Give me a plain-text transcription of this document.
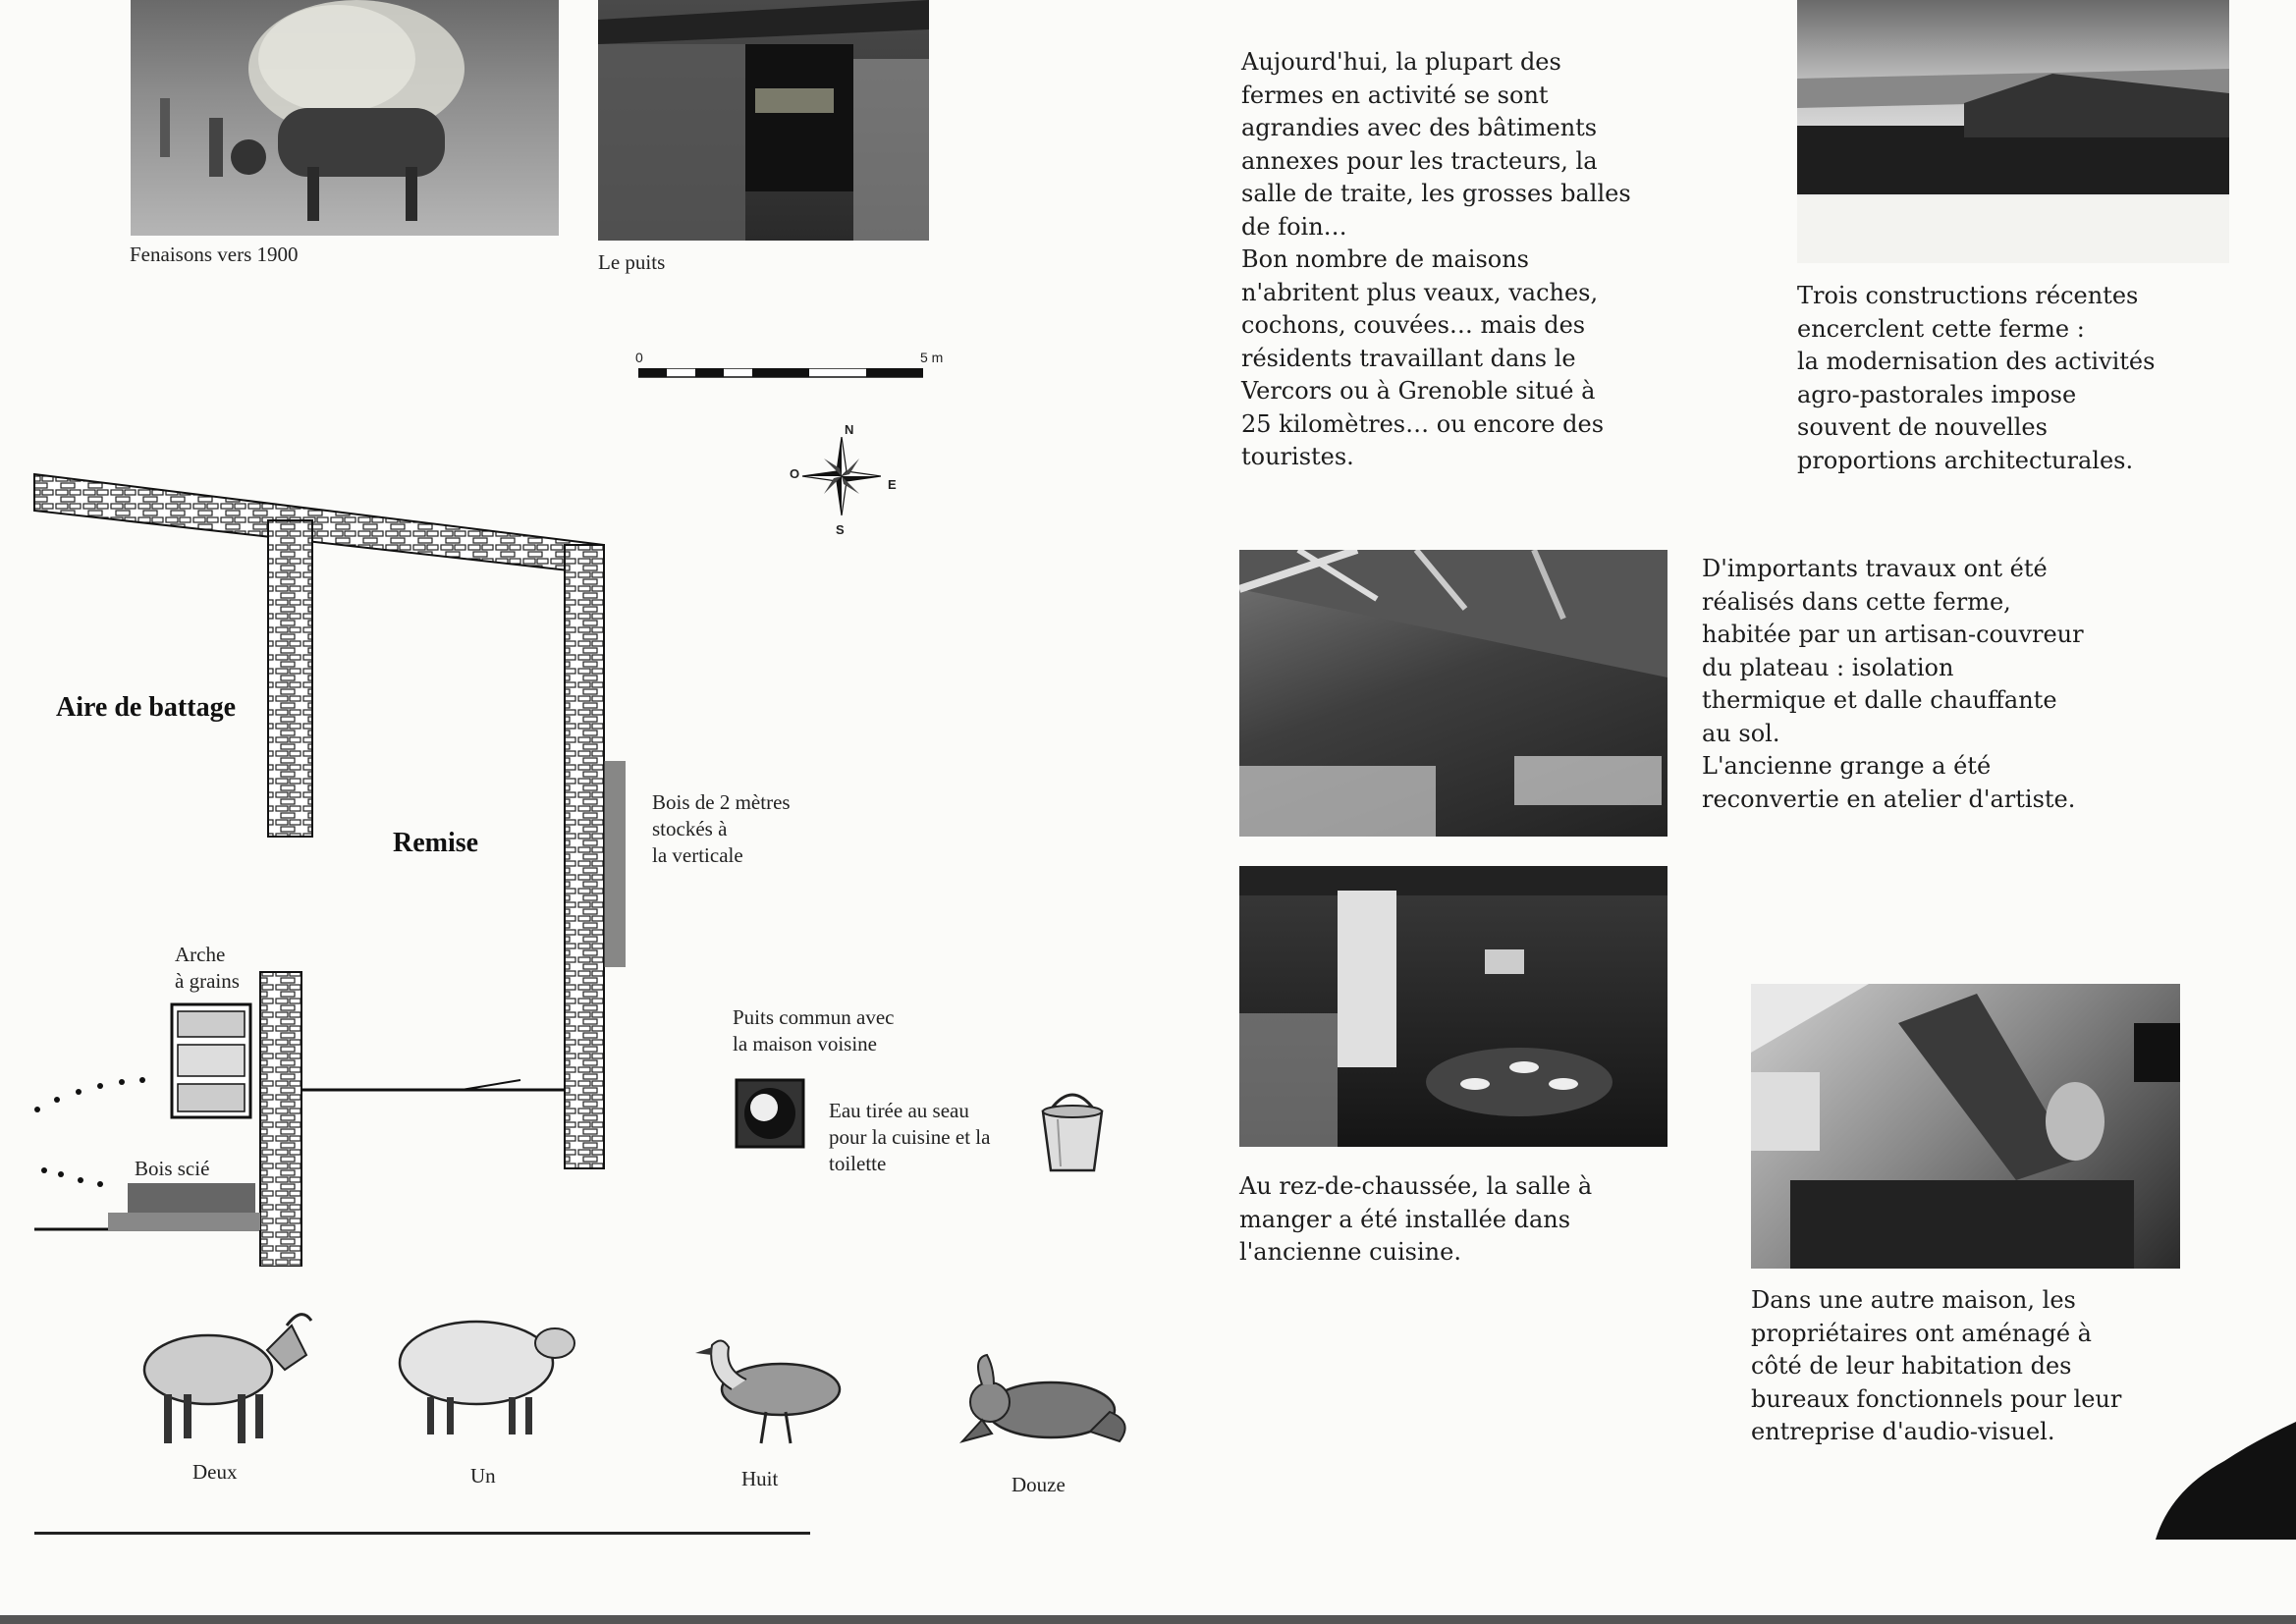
Fenaisons vers 1900	Le puits
0	5 m
N
S
O
E
Aire de battage
Remise
Bois de 2 mètres
stockés à
la verticale
Arche
à grains
Bois scié
Puits commun avec
la maison voisine
Eau tirée au seau
pour la cuisine et la
toilette
Deux	Un	Huit	Douze
Aujourd'hui, la plupart des
fermes en activité se sont
agrandies avec des bâtiments
annexes pour les tracteurs, la
salle de traite, les grosses balles
de foin…
Bon nombre de maisons
n'abritent plus veaux, vaches,
cochons, couvées… mais des
résidents travaillant dans le
Vercors ou à Grenoble situé à
25 kilomètres… ou encore des
touristes.
Trois constructions récentes
encerclent cette ferme :
la modernisation des activités
agro-pastorales impose
souvent de nouvelles
proportions architecturales.
D'importants travaux ont été
réalisés dans cette ferme,
habitée par un artisan-couvreur
du plateau : isolation
thermique et dalle chauffante
au sol.
L'ancienne grange a été
reconvertie en atelier d'artiste.
Au rez-de-chaussée, la salle à
manger a été installée dans
l'ancienne cuisine.
Dans une autre maison, les
propriétaires ont aménagé à
côté de leur habitation des
bureaux fonctionnels pour leur
entreprise d'audio-visuel.
